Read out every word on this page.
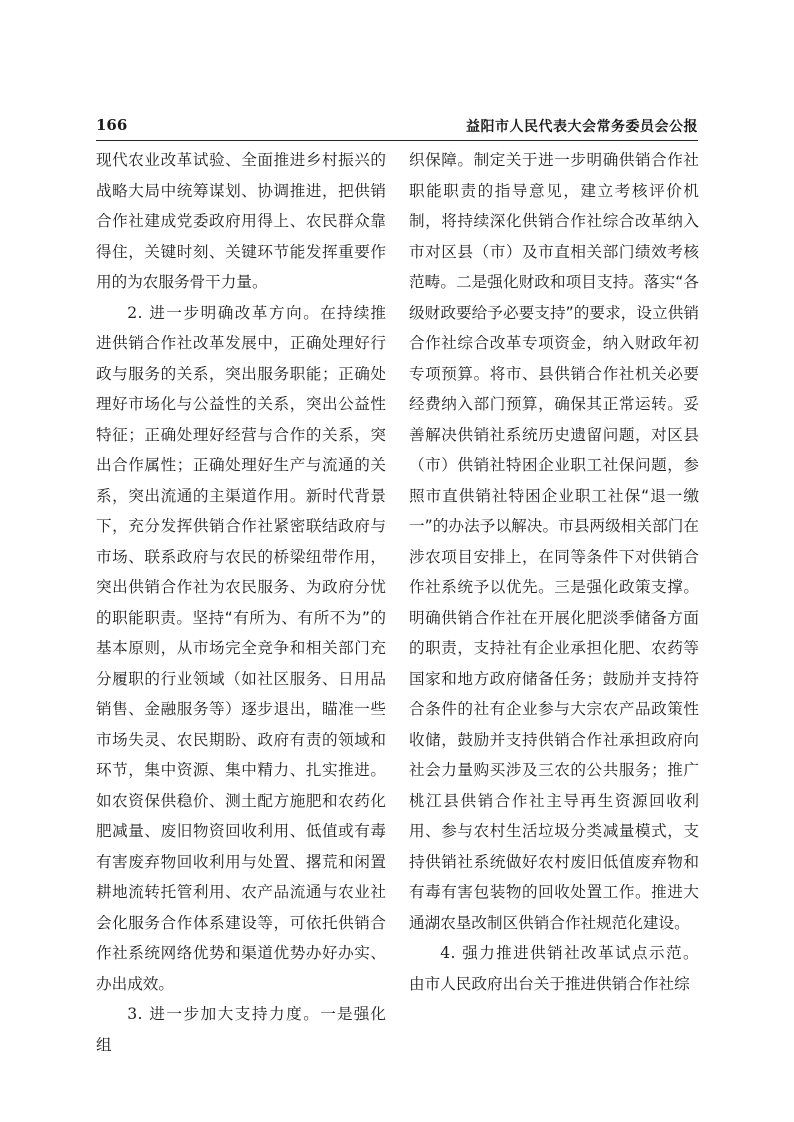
166	益阳市人民代表大会常务委员会公报

现代农业改革试验、全面推进乡村振兴的战略大局中统筹谋划、协调推进，把供销合作社建成党委政府用得上、农民群众靠得住，关键时刻、关键环节能发挥重要作用的为农服务骨干力量。

2. 进一步明确改革方向。在持续推进供销合作社改革发展中，正确处理好行政与服务的关系，突出服务职能；正确处理好市场化与公益性的关系，突出公益性特征；正确处理好经营与合作的关系，突出合作属性；正确处理好生产与流通的关系，突出流通的主渠道作用。新时代背景下，充分发挥供销合作社紧密联结政府与市场、联系政府与农民的桥梁纽带作用，突出供销合作社为农民服务、为政府分忧的职能职责。坚持“有所为、有所不为”的基本原则，从市场完全竞争和相关部门充分履职的行业领域（如社区服务、日用品销售、金融服务等）逐步退出，瞄准一些市场失灵、农民期盼、政府有责的领域和环节，集中资源、集中精力、扎实推进。如农资保供稳价、测土配方施肥和农药化肥减量、废旧物资回收利用、低值或有毒有害废弃物回收利用与处置、撂荒和闲置耕地流转托管利用、农产品流通与农业社会化服务合作体系建设等，可依托供销合作社系统网络优势和渠道优势办好办实、办出成效。

3. 进一步加大支持力度。一是强化组

织保障。制定关于进一步明确供销合作社职能职责的指导意见，建立考核评价机制，将持续深化供销合作社综合改革纳入市对区县（市）及市直相关部门绩效考核范畴。二是强化财政和项目支持。落实“各级财政要给予必要支持”的要求，设立供销合作社综合改革专项资金，纳入财政年初专项预算。将市、县供销合作社机关必要经费纳入部门预算，确保其正常运转。妥善解决供销社系统历史遗留问题，对区县（市）供销社特困企业职工社保问题，参照市直供销社特困企业职工社保“退一缴一”的办法予以解决。市县两级相关部门在涉农项目安排上，在同等条件下对供销合作社系统予以优先。三是强化政策支撑。明确供销合作社在开展化肥淡季储备方面的职责，支持社有企业承担化肥、农药等国家和地方政府储备任务；鼓励并支持符合条件的社有企业参与大宗农产品政策性收储，鼓励并支持供销合作社承担政府向社会力量购买涉及三农的公共服务；推广桃江县供销合作社主导再生资源回收利用、参与农村生活垃圾分类减量模式，支持供销社系统做好农村废旧低值废弃物和有毒有害包装物的回收处置工作。推进大通湖农垦改制区供销合作社规范化建设。

4. 强力推进供销社改革试点示范。由市人民政府出台关于推进供销合作社综
